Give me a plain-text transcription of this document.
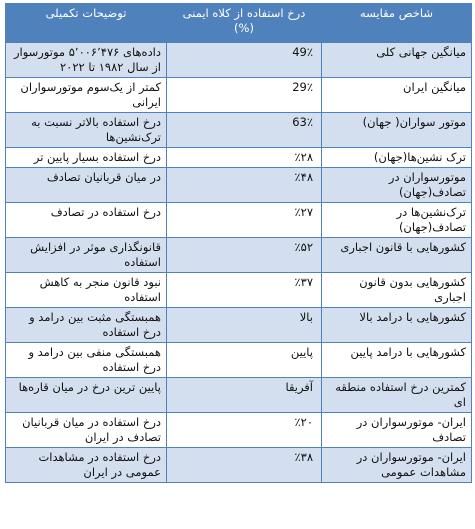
شاخص مقایسه	درخ استفاده از کلاه ایمنی (%)	توضیحات تکمیلی
میانگین جهانی کلی	49٪	داده‌های ۵٬۰۰۶٬۴۷۶ موتورسوار از سال ۱۹۸۲ تا ۲۰۲۲
میانگین ایران	29٪	کمتر از یک‌سوم موتورسواران ایرانی
موتور سواران( جهان)	63٪	درخ استفاده بالاتر نسبت به ترک‌نشین‌ها
ترک نشین‌ها(جهان)	٪۲۸	درخ استفاده بسیار پایین تر
موتورسواران در تصادف(جهان)	٪۴۸	در میان قربانیان تصادف
ترک‌نشین‌ها در تصادف(جهان)	٪۲۷	درخ استفاده در تصادف
کشورهایی با قانون اجباری	٪۵۲	قانونگذاری موثر در افزایش استفاده
کشورهایی بدون قانون اجباری	٪۳۷	نبود قانون منجر به کاهش استفاده
کشورهایی با درامد بالا	بالا	همبستگی مثبت بین درامد و درخ استفاده
کشورهایی با درامد پایین	پایین	همبستگی منفی بین درامد و درخ استفاده
کمترین درخ استفاده منطقه ای	آفریقا	پایین ترین درخ در میان قاره‌ها
ایران- موتورسواران در تصادف	٪۲۰	درخ استفاده در میان قربانیان تصادف در ایران
ایران- موتورسواران در مشاهدات عمومی	٪۳۸	درخ استفاده در مشاهدات عمومی در ایران
